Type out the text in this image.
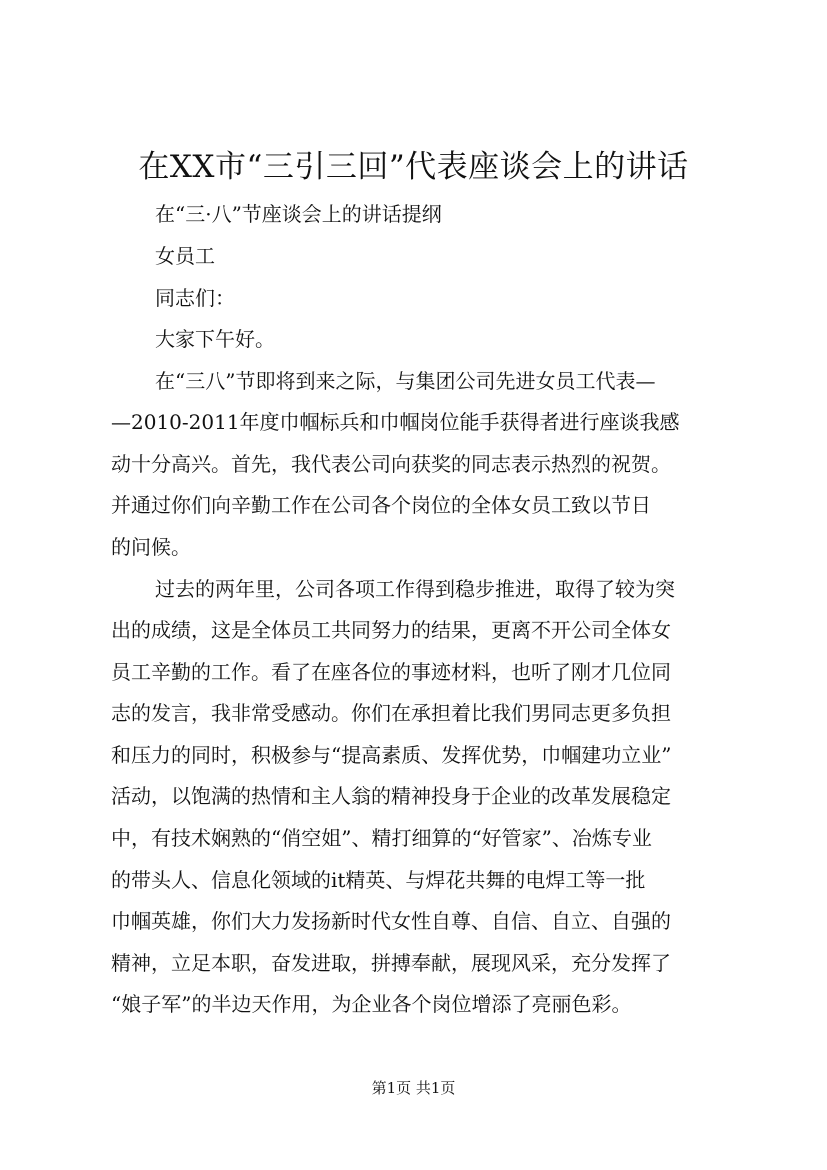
在XX市“三引三回”代表座谈会上的讲话

在“三·八”节座谈会上的讲话提纲

女员工

同志们：

大家下午好。

在“三八”节即将到来之际，与集团公司先进女员工代表—

—2010-2011年度巾帼标兵和巾帼岗位能手获得者进行座谈我感

动十分高兴。首先，我代表公司向获奖的同志表示热烈的祝贺。

并通过你们向辛勤工作在公司各个岗位的全体女员工致以节日

的问候。

过去的两年里，公司各项工作得到稳步推进，取得了较为突

出的成绩，这是全体员工共同努力的结果，更离不开公司全体女

员工辛勤的工作。看了在座各位的事迹材料，也听了刚才几位同

志的发言，我非常受感动。你们在承担着比我们男同志更多负担

和压力的同时，积极参与“提高素质、发挥优势，巾帼建功立业”

活动，以饱满的热情和主人翁的精神投身于企业的改革发展稳定

中，有技术娴熟的“俏空姐”、精打细算的“好管家”、冶炼专业

的带头人、信息化领域的it精英、与焊花共舞的电焊工等一批

巾帼英雄，你们大力发扬新时代女性自尊、自信、自立、自强的

精神，立足本职，奋发进取，拼搏奉献，展现风采，充分发挥了

“娘子军”的半边天作用，为企业各个岗位增添了亮丽色彩。

第1页 共1页
